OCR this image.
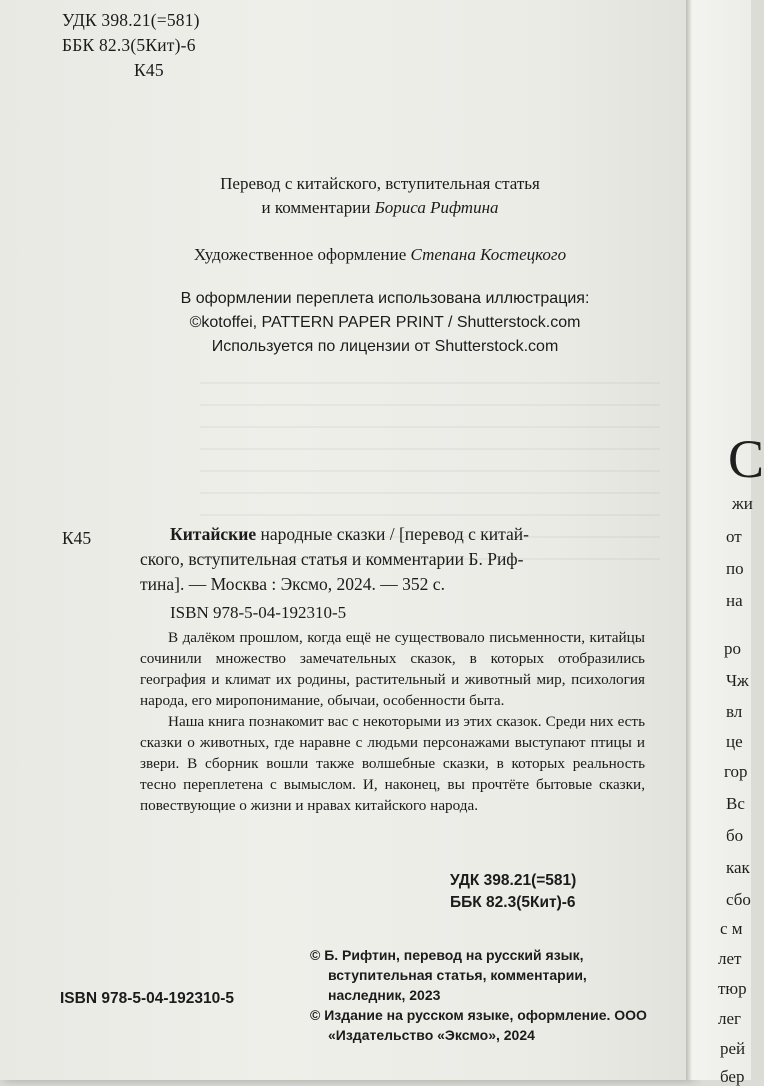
УДК 398.21(=581)
ББК 82.3(5Кит)-6
К45
Перевод с китайского, вступительная статья
и комментарии Бориса Рифтина
Художественное оформление Степана Костецкого
В оформлении переплета использована иллюстрация:
©kotoffei, PATTERN PAPER PRINT / Shutterstock.com
Используется по лицензии от Shutterstock.com
К45	Китайские народные сказки / [перевод с китай-
ского, вступительная статья и комментарии Б. Риф-
тина]. — Москва : Эксмо, 2024. — 352 с.
ISBN 978-5-04-192310-5

В далёком прошлом, когда ещё не существовало письменности, китайцы сочинили множество замечательных сказок, в которых отобразились география и климат их родины, растительный и животный мир, психология народа, его миропонимание, обычаи, особенности быта.

Наша книга познакомит вас с некоторыми из этих сказок. Среди них есть сказки о животных, где наравне с людьми персонажами выступают птицы и звери. В сборник вошли также волшебные сказки, в которых реальность тесно переплетена с вымыслом. И, наконец, вы прочтёте бытовые сказки, повествующие о жизни и нравах китайского народа.

УДК 398.21(=581)
ББК 82.3(5Кит)-6

© Б. Рифтин, перевод на русский язык, вступительная статья, комментарии, наследник, 2023

© Издание на русском языке, оформление. ООО «Издательство «Эксмо», 2024

ISBN 978-5-04-192310-5
С
жи
от
по
на
ро
Чж
вл
це
гор
Вс
бо
как
сбо
с м
лет
тюр
лег
рей
бер
